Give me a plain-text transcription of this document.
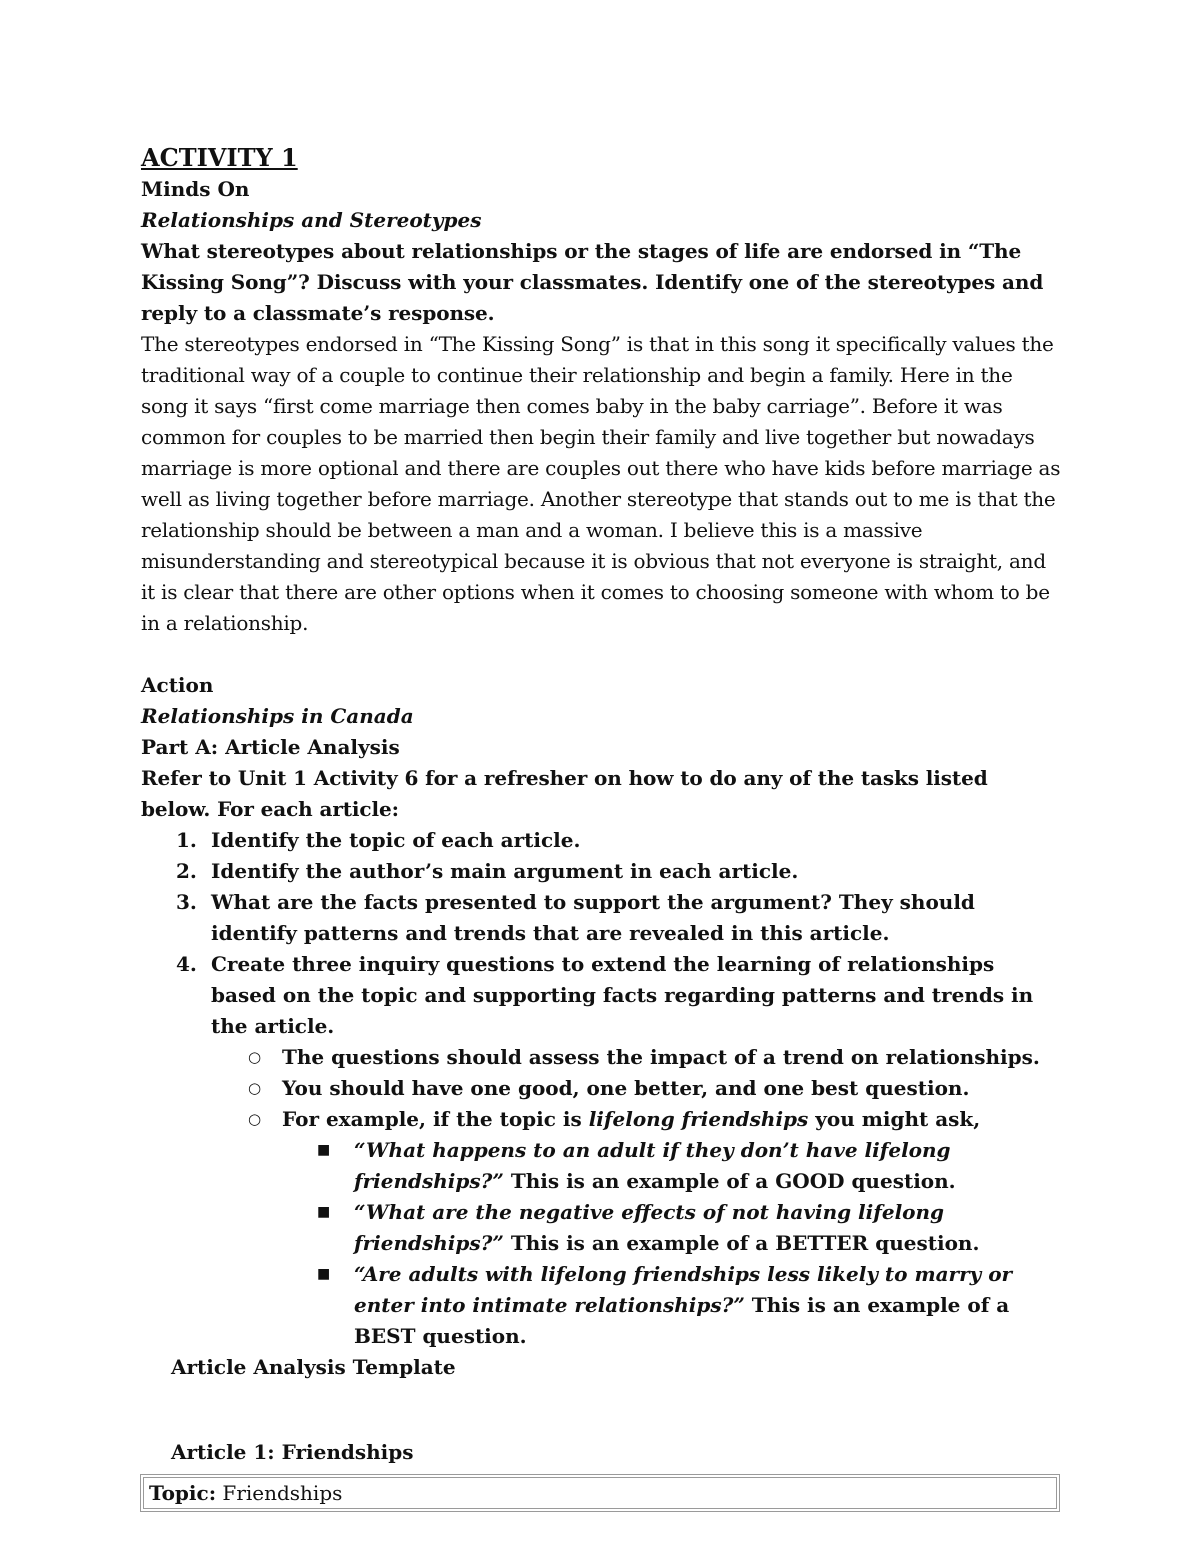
ACTIVITY 1
Minds On
Relationships and Stereotypes

What stereotypes about relationships or the stages of life are endorsed in “The Kissing Song”? Discuss with your classmates. Identify one of the stereotypes and reply to a classmate’s response.

The stereotypes endorsed in “The Kissing Song” is that in this song it specifically values the traditional way of a couple to continue their relationship and begin a family. Here in the song it says “first come marriage then comes baby in the baby carriage”. Before it was common for couples to be married then begin their family and live together but nowadays marriage is more optional and there are couples out there who have kids before marriage as well as living together before marriage. Another stereotype that stands out to me is that the relationship should be between a man and a woman. I believe this is a massive misunderstanding and stereotypical because it is obvious that not everyone is straight, and it is clear that there are other options when it comes to choosing someone with whom to be in a relationship.

Action
Relationships in Canada
Part A: Article Analysis

Refer to Unit 1 Activity 6 for a refresher on how to do any of the tasks listed below. For each article:

1. Identify the topic of each article.
2. Identify the author’s main argument in each article.
3. What are the facts presented to support the argument? They should identify patterns and trends that are revealed in this article.
4. Create three inquiry questions to extend the learning of relationships based on the topic and supporting facts regarding patterns and trends in the article.
○ The questions should assess the impact of a trend on relationships.
○ You should have one good, one better, and one best question.
○ For example, if the topic is lifelong friendships you might ask,
■ “What happens to an adult if they don’t have lifelong friendships?” This is an example of a GOOD question.
■ “What are the negative effects of not having lifelong friendships?” This is an example of a BETTER question.
■ “Are adults with lifelong friendships less likely to marry or enter into intimate relationships?” This is an example of a BEST question.
Article Analysis Template
Article 1: Friendships
Topic: Friendships
